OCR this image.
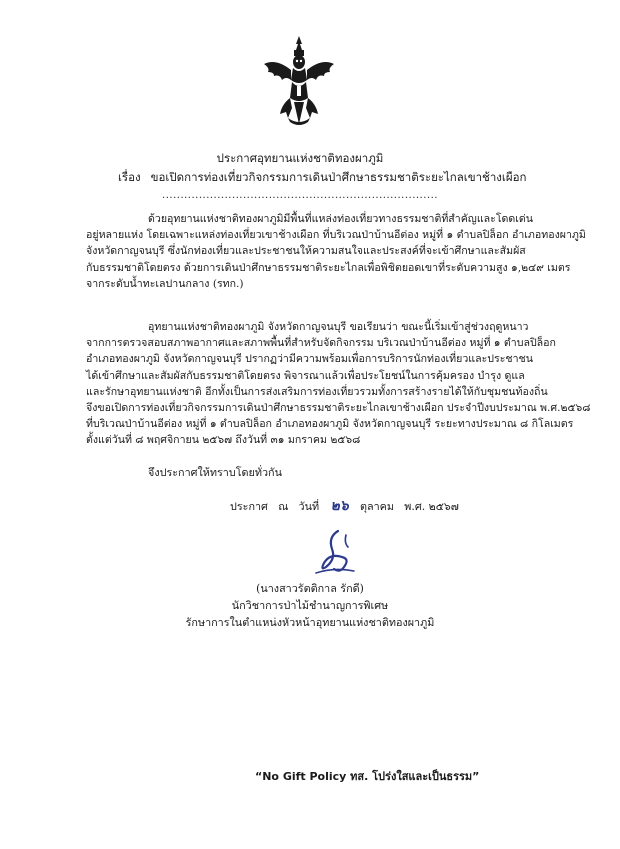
ประกาศอุทยานแห่งชาติทองผาภูมิ
เรื่อง ขอเปิดการท่องเที่ยวกิจกรรมการเดินป่าศึกษาธรรมชาติระยะไกลเขาช้างเผือก
...........................................................................
ด้วยอุทยานแห่งชาติทองผาภูมิมีพื้นที่แหล่งท่องเที่ยวทางธรรมชาติที่สำคัญและโดดเด่น
อยู่หลายแห่ง โดยเฉพาะแหล่งท่องเที่ยวเขาช้างเผือก ที่บริเวณป่าบ้านอีต่อง หมู่ที่ ๑ ตำบลปิล็อก อำเภอทองผาภูมิ
จังหวัดกาญจนบุรี ซึ่งนักท่องเที่ยวและประชาชนให้ความสนใจและประสงค์ที่จะเข้าศึกษาและสัมผัส
กับธรรมชาติโดยตรง ด้วยการเดินป่าศึกษาธรรมชาติระยะไกลเพื่อพิชิตยอดเขาที่ระดับความสูง ๑,๒๔๙ เมตร
จากระดับน้ำทะเลปานกลาง (รทก.)
อุทยานแห่งชาติทองผาภูมิ จังหวัดกาญจนบุรี ขอเรียนว่า ขณะนี้เริ่มเข้าสู่ช่วงฤดูหนาว
จากการตรวจสอบสภาพอากาศและสภาพพื้นที่สำหรับจัดกิจกรรม บริเวณป่าบ้านอีต่อง หมู่ที่ ๑ ตำบลปิล็อก
อำเภอทองผาภูมิ จังหวัดกาญจนบุรี ปรากฏว่ามีความพร้อมเพื่อการบริการนักท่องเที่ยวและประชาชน
ได้เข้าศึกษาและสัมผัสกับธรรมชาติโดยตรง พิจารณาแล้วเพื่อประโยชน์ในการคุ้มครอง บำรุง ดูแล
และรักษาอุทยานแห่งชาติ อีกทั้งเป็นการส่งเสริมการท่องเที่ยวรวมทั้งการสร้างรายได้ให้กับชุมชนท้องถิ่น
จึงขอเปิดการท่องเที่ยวกิจกรรมการเดินป่าศึกษาธรรมชาติระยะไกลเขาช้างเผือก ประจำปีงบประมาณ พ.ศ.๒๕๖๘
ที่บริเวณป่าบ้านอีต่อง หมู่ที่ ๑ ตำบลปิล็อก อำเภอทองผาภูมิ จังหวัดกาญจนบุรี ระยะทางประมาณ ๘ กิโลเมตร
ตั้งแต่วันที่ ๘ พฤศจิกายน ๒๕๖๗ ถึงวันที่ ๓๑ มกราคม ๒๕๖๘
จึงประกาศให้ทราบโดยทั่วกัน
ประกาศ ณ วันที่ ๒๖ ตุลาคม พ.ศ. ๒๕๖๗
(นางสาวรัตติกาล รักดี)
นักวิชาการป่าไม้ชำนาญการพิเศษ
รักษาการในตำแหน่งหัวหน้าอุทยานแห่งชาติทองผาภูมิ
“No Gift Policy ทส. โปร่งใสและเป็นธรรม”
